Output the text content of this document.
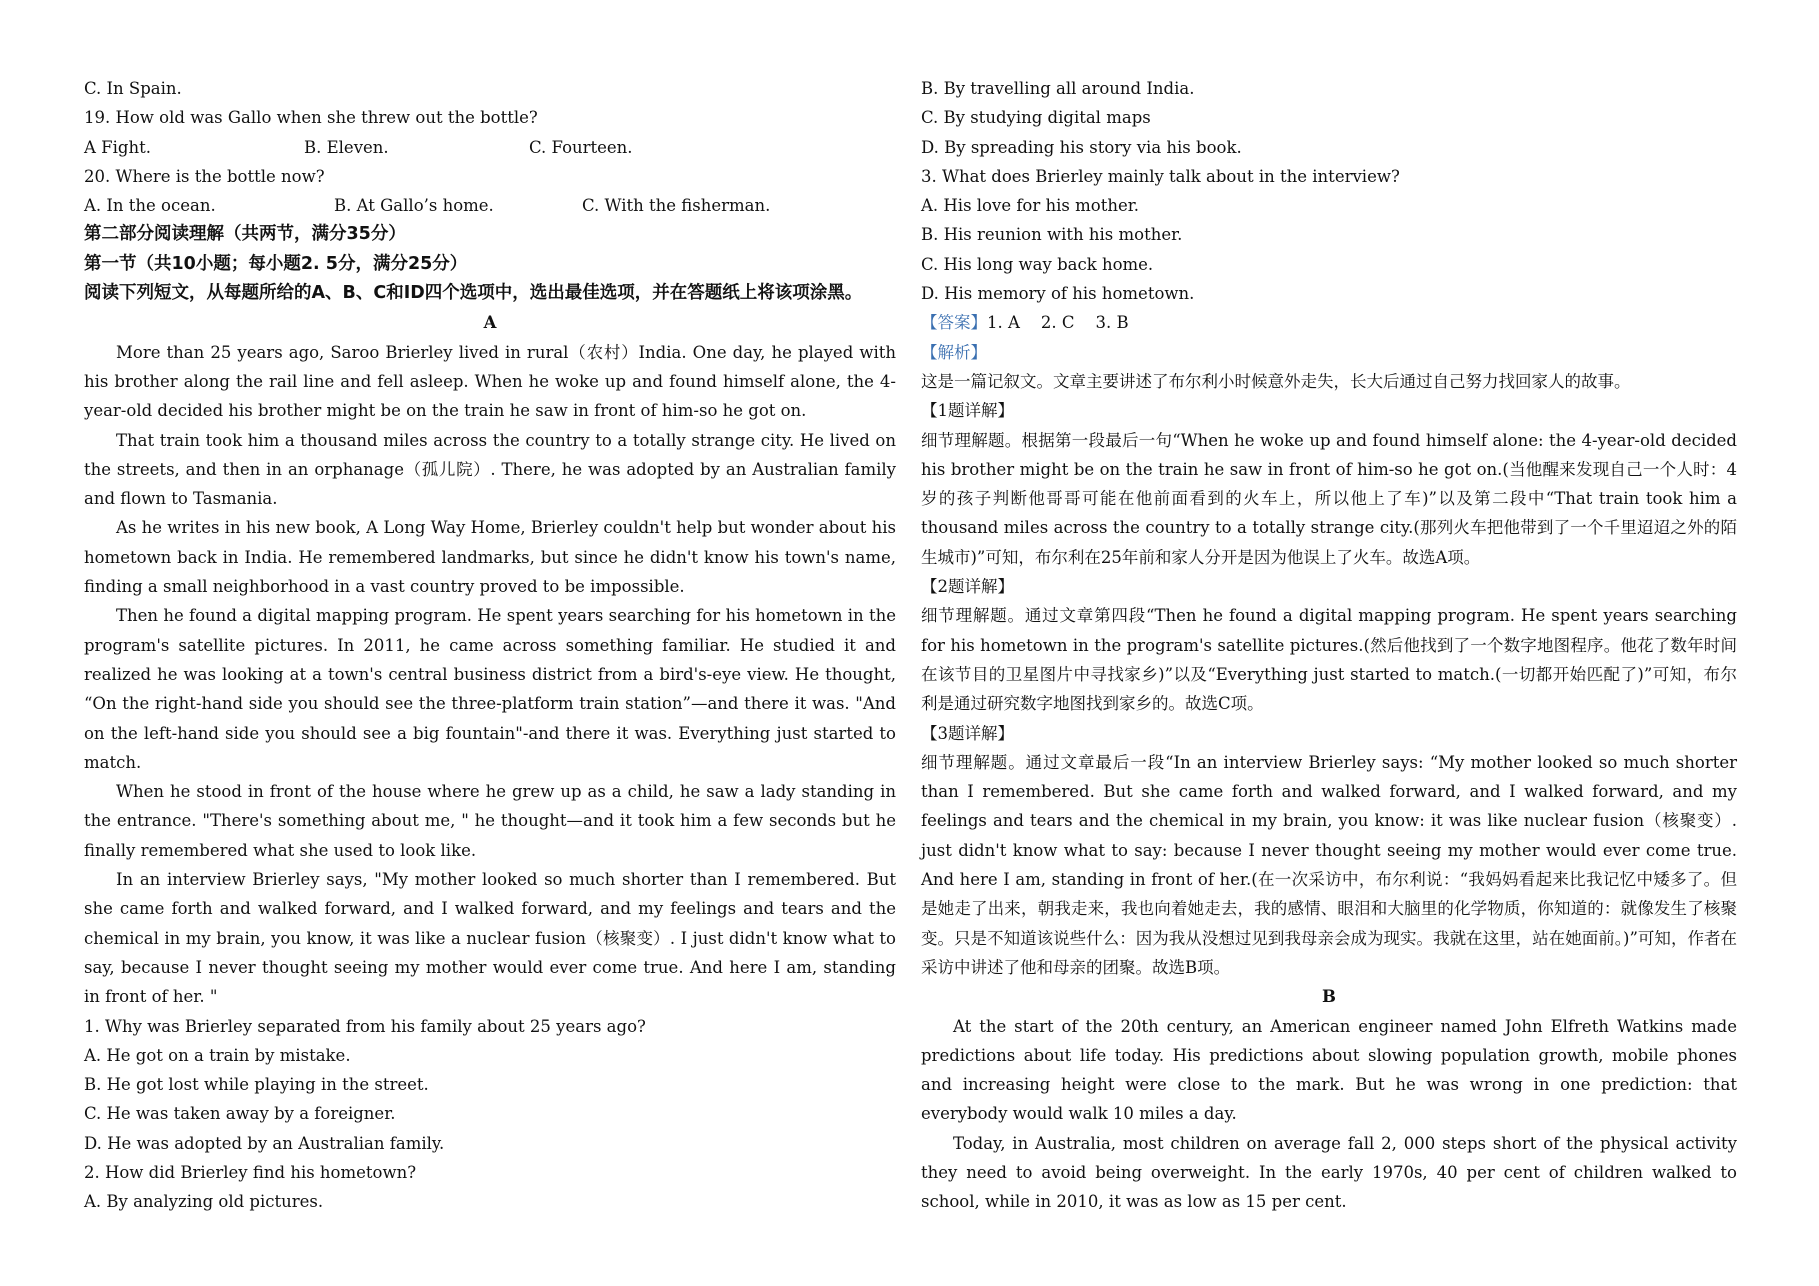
C. In Spain.

19. How old was Gallo when she threw out the bottle?

A Fight.	B. Eleven.	C. Fourteen.

20. Where is the bottle now?

A. In the ocean.	B. At Gallo’s home.	C. With the fisherman.

第二部分阅读理解（共两节，满分35分）

第一节（共10小题；每小题2. 5分，满分25分）

阅读下列短文，从每题所给的A、B、C和ID四个选项中，选出最佳选项，并在答题纸上将该项涂黑。

A

More than 25 years ago, Saroo Brierley lived in rural（农村）India. One day, he played with his brother along the rail line and fell asleep. When he woke up and found himself alone, the 4-year-old decided his brother might be on the train he saw in front of him-so he got on.

That train took him a thousand miles across the country to a totally strange city. He lived on the streets, and then in an orphanage（孤儿院）. There, he was adopted by an Australian family and flown to Tasmania.

As he writes in his new book, A Long Way Home, Brierley couldn't help but wonder about his hometown back in India. He remembered landmarks, but since he didn't know his town's name, finding a small neighborhood in a vast country proved to be impossible.

Then he found a digital mapping program. He spent years searching for his hometown in the program's satellite pictures. In 2011, he came across something familiar. He studied it and realized he was looking at a town's central business district from a bird's-eye view. He thought, “On the right-hand side you should see the three-platform train station”—and there it was. "And on the left-hand side you should see a big fountain"-and there it was. Everything just started to match.

When he stood in front of the house where he grew up as a child, he saw a lady standing in the entrance. "There's something about me, " he thought—and it took him a few seconds but he finally remembered what she used to look like.

In an interview Brierley says, "My mother looked so much shorter than I remembered. But she came forth and walked forward, and I walked forward, and my feelings and tears and the chemical in my brain, you know, it was like a nuclear fusion（核聚变）. I just didn't know what to say, because I never thought seeing my mother would ever come true. And here I am, standing in front of her. "

1. Why was Brierley separated from his family about 25 years ago?

A. He got on a train by mistake.

B. He got lost while playing in the street.

C. He was taken away by a foreigner.

D. He was adopted by an Australian family.

2. How did Brierley find his hometown?

A. By analyzing old pictures.

B. By travelling all around India.

C. By studying digital maps

D. By spreading his story via his book.

3. What does Brierley mainly talk about in the interview?

A. His love for his mother.

B. His reunion with his mother.

C. His long way back home.

D. His memory of his hometown.

【答案】1. A    2. C    3. B

【解析】

这是一篇记叙文。文章主要讲述了布尔利小时候意外走失，长大后通过自己努力找回家人的故事。

【1题详解】

细节理解题。根据第一段最后一句“When he woke up and found himself alone: the 4-year-old decided his brother might be on the train he saw in front of him-so he got on.(当他醒来发现自己一个人时：4岁的孩子判断他哥哥可能在他前面看到的火车上，所以他上了车)”以及第二段中“That train took him a thousand miles across the country to a totally strange city.(那列火车把他带到了一个千里迢迢之外的陌生城市)”可知，布尔利在25年前和家人分开是因为他误上了火车。故选A项。

【2题详解】

细节理解题。通过文章第四段“Then he found a digital mapping program. He spent years searching for his hometown in the program's satellite pictures.(然后他找到了一个数字地图程序。他花了数年时间在该节目的卫星图片中寻找家乡)”以及“Everything just started to match.(一切都开始匹配了)”可知，布尔利是通过研究数字地图找到家乡的。故选C项。

【3题详解】

细节理解题。通过文章最后一段“In an interview Brierley says: “My mother looked so much shorter than I remembered. But she came forth and walked forward, and I walked forward, and my feelings and tears and the chemical in my brain, you know: it was like nuclear fusion（核聚变）. just didn't know what to say: because I never thought seeing my mother would ever come true. And here I am, standing in front of her.(在一次采访中，布尔利说：“我妈妈看起来比我记忆中矮多了。但是她走了出来，朝我走来，我也向着她走去，我的感情、眼泪和大脑里的化学物质，你知道的：就像发生了核聚变。只是不知道该说些什么：因为我从没想过见到我母亲会成为现实。我就在这里，站在她面前。)”可知，作者在采访中讲述了他和母亲的团聚。故选B项。

B

At the start of the 20th century, an American engineer named John Elfreth Watkins made predictions about life today. His predictions about slowing population growth, mobile phones and increasing height were close to the mark. But he was wrong in one prediction: that everybody would walk 10 miles a day.

Today, in Australia, most children on average fall 2, 000 steps short of the physical activity they need to avoid being overweight. In the early 1970s, 40 per cent of children walked to school, while in 2010, it was as low as 15 per cent.
